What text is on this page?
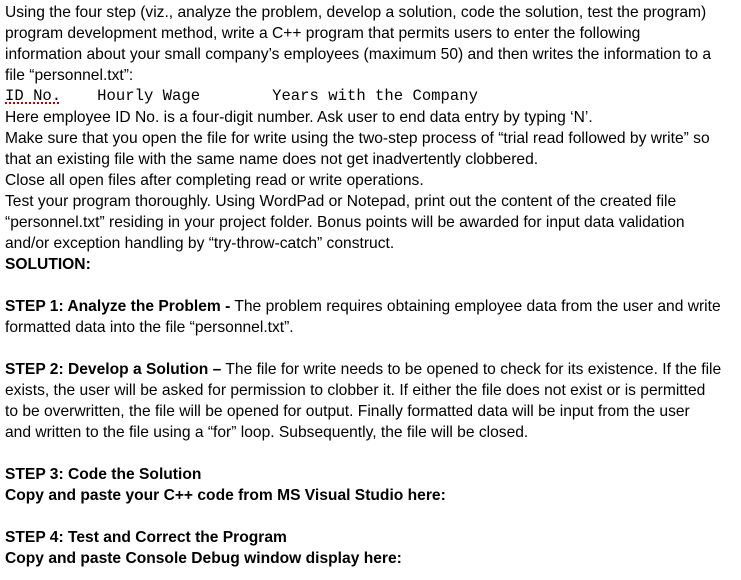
Using the four step (viz., analyze the problem, develop a solution, code the solution, test the program)
program development method, write a C++ program that permits users to enter the following
information about your small company’s employees (maximum 50) and then writes the information to a
file “personnel.txt”:
ID No. Hourly Wage	Years with the Company
Here employee ID No. is a four-digit number. Ask user to end data entry by typing ‘N’.
Make sure that you open the file for write using the two-step process of “trial read followed by write” so
that an existing file with the same name does not get inadvertently clobbered.
Close all open files after completing read or write operations.
Test your program thoroughly. Using WordPad or Notepad, print out the content of the created file
“personnel.txt” residing in your project folder. Bonus points will be awarded for input data validation
and/or exception handling by “try-throw-catch” construct.
SOLUTION:
STEP 1: Analyze the Problem - The problem requires obtaining employee data from the user and write
formatted data into the file “personnel.txt”.
STEP 2: Develop a Solution – The file for write needs to be opened to check for its existence. If the file
exists, the user will be asked for permission to clobber it. If either the file does not exist or is permitted
to be overwritten, the file will be opened for output. Finally formatted data will be input from the user
and written to the file using a “for” loop. Subsequently, the file will be closed.
STEP 3: Code the Solution
Copy and paste your C++ code from MS Visual Studio here:
STEP 4: Test and Correct the Program
Copy and paste Console Debug window display here:
